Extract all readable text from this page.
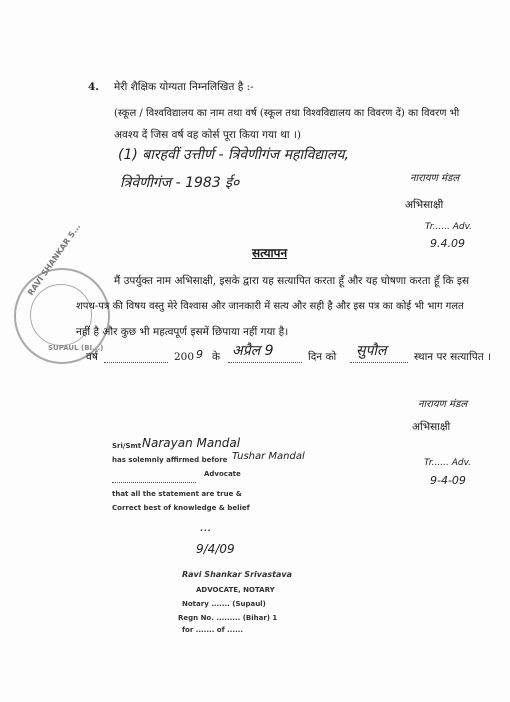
4. मेरी शैक्षिक योग्यता निम्नलिखित है :-
(स्कूल / विश्वविद्यालय का नाम तथा वर्ष (स्कूल तथा विश्वविद्यालय का विवरण दें) का विवरण भी
अवश्य दें जिस वर्ष वह कोर्स पूरा किया गया था ।)
(1) बारहवीं उत्तीर्ण - त्रिवेणीगंज महाविद्यालय,
त्रिवेणीगंज - 1983 ई०	नारायण मंडल
अभिसाक्षी
Tr...... Adv.
9.4.09
सत्यापन
RAVI SHANKAR S...
SUPAUL (BI...)
मैं उपर्युक्त नाम अभिसाक्षी, इसके द्वारा यह सत्यापित करता हूँ और यह घोषणा करता हूँ कि इस
शपथ-पत्र की विषय वस्तु मेरे विश्वास और जानकारी में सत्य और सही है और इस पत्र का कोई भी भाग गलत
नहीं है और कुछ भी महत्वपूर्ण इसमें छिपाया नहीं गया है।
वर्ष	200 9 के अप्रैल 9	दिन को सुपौल	स्थान पर सत्यापित ।
नारायण मंडल
अभिसाक्षी
Tr...... Adv.
9-4-09
Sri/Smt Narayan Mandal
has solemnly affirmed before Tushar Mandal
Advocate
that all the statement are true &
Correct best of knowledge & belief
...
9/4/09
Ravi Shankar Srivastava
ADVOCATE, NOTARY
Notary ....... (Supaul)
Regn No. ......... (Bihar) 1
for ....... of ......
